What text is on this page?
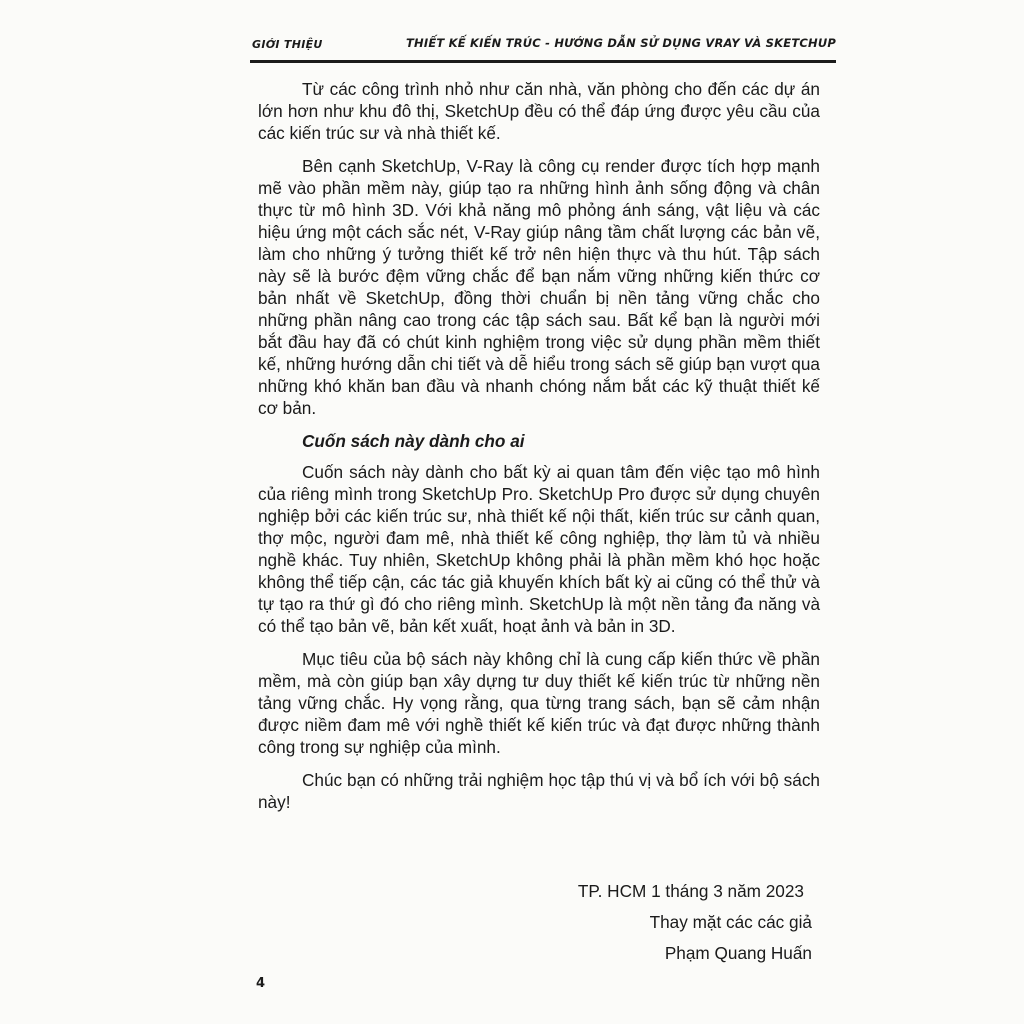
GIỚI THIỆU	THIẾT KẾ KIẾN TRÚC - HƯỚNG DẪN SỬ DỤNG VRAY VÀ SKETCHUP

Từ các công trình nhỏ như căn nhà, văn phòng cho đến các dự án lớn hơn như khu đô thị, SketchUp đều có thể đáp ứng được yêu cầu của các kiến trúc sư và nhà thiết kế.

Bên cạnh SketchUp, V-Ray là công cụ render được tích hợp mạnh mẽ vào phần mềm này, giúp tạo ra những hình ảnh sống động và chân thực từ mô hình 3D. Với khả năng mô phỏng ánh sáng, vật liệu và các hiệu ứng một cách sắc nét, V-Ray giúp nâng tầm chất lượng các bản vẽ, làm cho những ý tưởng thiết kế trở nên hiện thực và thu hút. Tập sách này sẽ là bước đệm vững chắc để bạn nắm vững những kiến thức cơ bản nhất về SketchUp, đồng thời chuẩn bị nền tảng vững chắc cho những phần nâng cao trong các tập sách sau. Bất kể bạn là người mới bắt đầu hay đã có chút kinh nghiệm trong việc sử dụng phần mềm thiết kế, những hướng dẫn chi tiết và dễ hiểu trong sách sẽ giúp bạn vượt qua những khó khăn ban đầu và nhanh chóng nắm bắt các kỹ thuật thiết kế cơ bản.

Cuốn sách này dành cho ai

Cuốn sách này dành cho bất kỳ ai quan tâm đến việc tạo mô hình của riêng mình trong SketchUp Pro. SketchUp Pro được sử dụng chuyên nghiệp bởi các kiến trúc sư, nhà thiết kế nội thất, kiến trúc sư cảnh quan, thợ mộc, người đam mê, nhà thiết kế công nghiệp, thợ làm tủ và nhiều nghề khác. Tuy nhiên, SketchUp không phải là phần mềm khó học hoặc không thể tiếp cận, các tác giả khuyến khích bất kỳ ai cũng có thể thử và tự tạo ra thứ gì đó cho riêng mình. SketchUp là một nền tảng đa năng và có thể tạo bản vẽ, bản kết xuất, hoạt ảnh và bản in 3D.

Mục tiêu của bộ sách này không chỉ là cung cấp kiến thức về phần mềm, mà còn giúp bạn xây dựng tư duy thiết kế kiến trúc từ những nền tảng vững chắc. Hy vọng rằng, qua từng trang sách, bạn sẽ cảm nhận được niềm đam mê với nghề thiết kế kiến trúc và đạt được những thành công trong sự nghiệp của mình.

Chúc bạn có những trải nghiệm học tập thú vị và bổ ích với bộ sách này!

TP. HCM 1 tháng 3 năm 2023
Thay mặt các các giả
Phạm Quang Huấn
4
